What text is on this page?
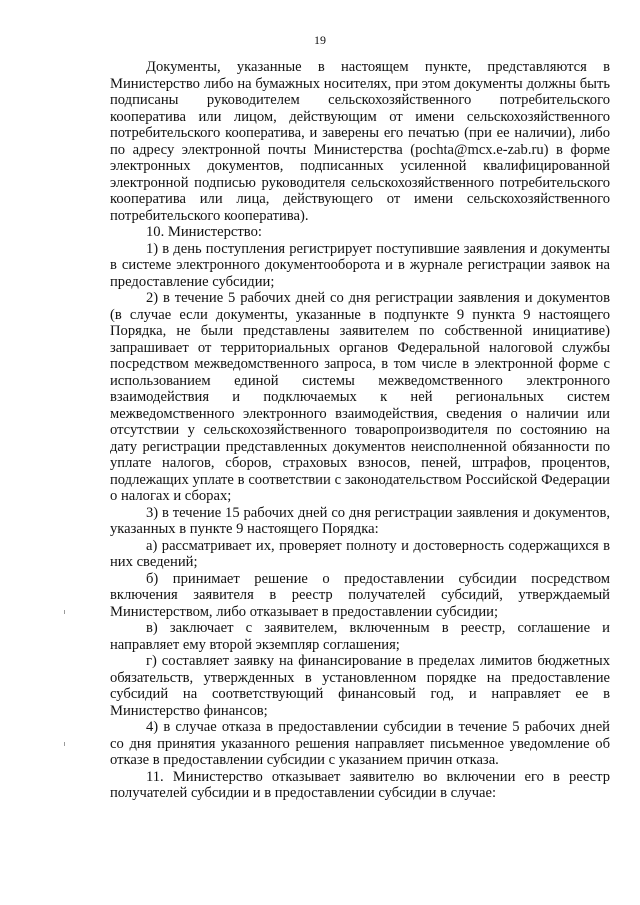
19

Документы, указанные в настоящем пункте, представляются в Министерство либо на бумажных носителях, при этом документы должны быть подписаны руководителем сельскохозяйственного потребительского кооператива или лицом, действующим от имени сельскохозяйственного потребительского кооператива, и заверены его печатью (при ее наличии), либо по адресу электронной почты Министерства (pochta@mcx.e-zab.ru) в форме электронных документов, подписанных усиленной квалифицированной электронной подписью руководителя сельскохозяйственного потребительского кооператива или лица, действующего от имени сельскохозяйственного потребительского кооператива).

10. Министерство:

1) в день поступления регистрирует поступившие заявления и документы в системе электронного документооборота и в журнале регистрации заявок на предоставление субсидии;

2) в течение 5 рабочих дней со дня регистрации заявления и документов (в случае если документы, указанные в подпункте 9 пункта 9 настоящего Порядка, не были представлены заявителем по собственной инициативе) запрашивает от территориальных органов Федеральной налоговой службы посредством межведомственного запроса, в том числе в электронной форме с использованием единой системы межведомственного электронного взаимодействия и подключаемых к ней региональных систем межведомственного электронного взаимодействия, сведения о наличии или отсутствии у сельскохозяйственного товаропроизводителя по состоянию на дату регистрации представленных документов неисполненной обязанности по уплате налогов, сборов, страховых взносов, пеней, штрафов, процентов, подлежащих уплате в соответствии с законодательством Российской Федерации о налогах и сборах;

3) в течение 15 рабочих дней со дня регистрации заявления и документов, указанных в пункте 9 настоящего Порядка:

а) рассматривает их, проверяет полноту и достоверность содержащихся в них сведений;

б) принимает решение о предоставлении субсидии посредством включения заявителя в реестр получателей субсидий, утверждаемый Министерством, либо отказывает в предоставлении субсидии;

в) заключает с заявителем, включенным в реестр, соглашение и направляет ему второй экземпляр соглашения;

г) составляет заявку на финансирование в пределах лимитов бюджетных обязательств, утвержденных в установленном порядке на предоставление субсидий на соответствующий финансовый год, и направляет ее в Министерство финансов;

4) в случае отказа в предоставлении субсидии в течение 5 рабочих дней со дня принятия указанного решения направляет письменное уведомление об отказе в предоставлении субсидии с указанием причин отказа.

11. Министерство отказывает заявителю во включении его в реестр получателей субсидии и в предоставлении субсидии в случае:
